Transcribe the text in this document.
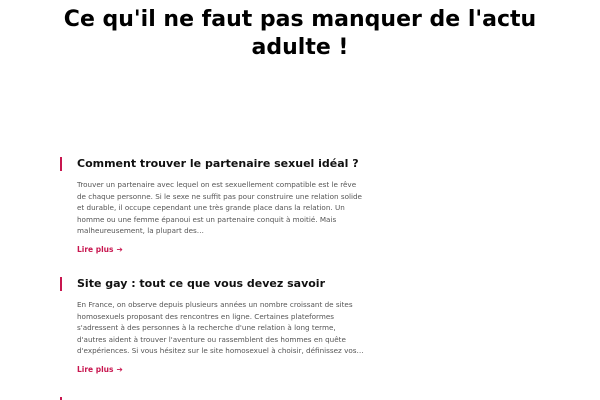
Ce qu'il ne faut pas manquer de l'actu adulte !
Comment trouver le partenaire sexuel idéal ?

Trouver un partenaire avec lequel on est sexuellement compatible est le rêve de chaque personne. Si le sexe ne suffit pas pour construire une relation solide et durable, il occupe cependant une très grande place dans la relation. Un homme ou une femme épanoui est un partenaire conquit à moitié. Mais malheureusement, la plupart des…

Lire plus ➔
Site gay : tout ce que vous devez savoir

En France, on observe depuis plusieurs années un nombre croissant de sites homosexuels proposant des rencontres en ligne. Certaines plateformes s'adressent à des personnes à la recherche d'une relation à long terme, d'autres aident à trouver l'aventure ou rassemblent des hommes en quête d'expériences. Si vous hésitez sur le site homosexuel à choisir, définissez vos…

Lire plus ➔
